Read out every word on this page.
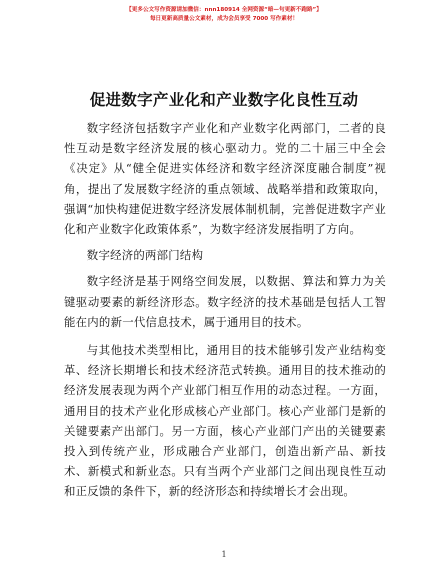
【更多公文写作资源请加微信：nnn180914 全网资源“暗—句更新不跑路”】
每日更新高质量公文素材，成为会员享受 7000 写作素材！
促进数字产业化和产业数字化良性互动

数字经济包括数字产业化和产业数字化两部门，二者的良性互动是数字经济发展的核心驱动力。党的二十届三中全会《决定》从“健全促进实体经济和数字经济深度融合制度”视角，提出了发展数字经济的重点领域、战略举措和政策取向，强调“加快构建促进数字经济发展体制机制，完善促进数字产业化和产业数字化政策体系”，为数字经济发展指明了方向。

数字经济的两部门结构

数字经济是基于网络空间发展，以数据、算法和算力为关键驱动要素的新经济形态。数字经济的技术基础是包括人工智能在内的新一代信息技术，属于通用目的技术。

与其他技术类型相比，通用目的技术能够引发产业结构变革、经济长期增长和技术经济范式转换。通用目的技术推动的经济发展表现为两个产业部门相互作用的动态过程。一方面，通用目的技术产业化形成核心产业部门。核心产业部门是新的关键要素产出部门。另一方面，核心产业部门产出的关键要素投入到传统产业，形成融合产业部门，创造出新产品、新技术、新模式和新业态。只有当两个产业部门之间出现良性互动和正反馈的条件下，新的经济形态和持续增长才会出现。

1
